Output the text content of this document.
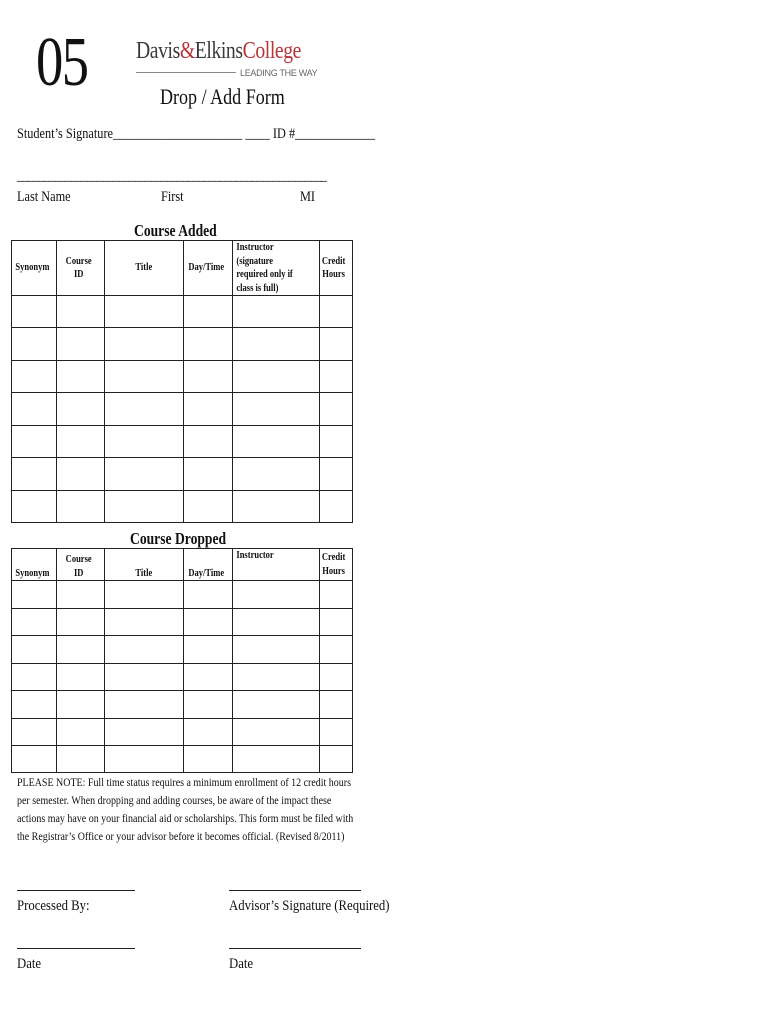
05 Davis&ElkinsCollege
LEADING THE WAY
Drop / Add Form
Student’s Signature_____________________ ____ ID #_____________
__________________________________________________________
Last Name	First	MI
Course Added
Synonym	Course ID	Title	Day/Time	Instructor (signature required only if class is full)	Credit Hours

Course Dropped
Synonym	Course ID	Title	Day/Time	Instructor	Credit Hours

PLEASE NOTE: Full time status requires a minimum enrollment of 12 credit hours per semester. When dropping and adding courses, be aware of the impact these actions may have on your financial aid or scholarships. This form must be filed with the Registrar’s Office or your advisor before it becomes official. (Revised 8/2011)
Processed By:	Advisor’s Signature (Required)
Date	Date
